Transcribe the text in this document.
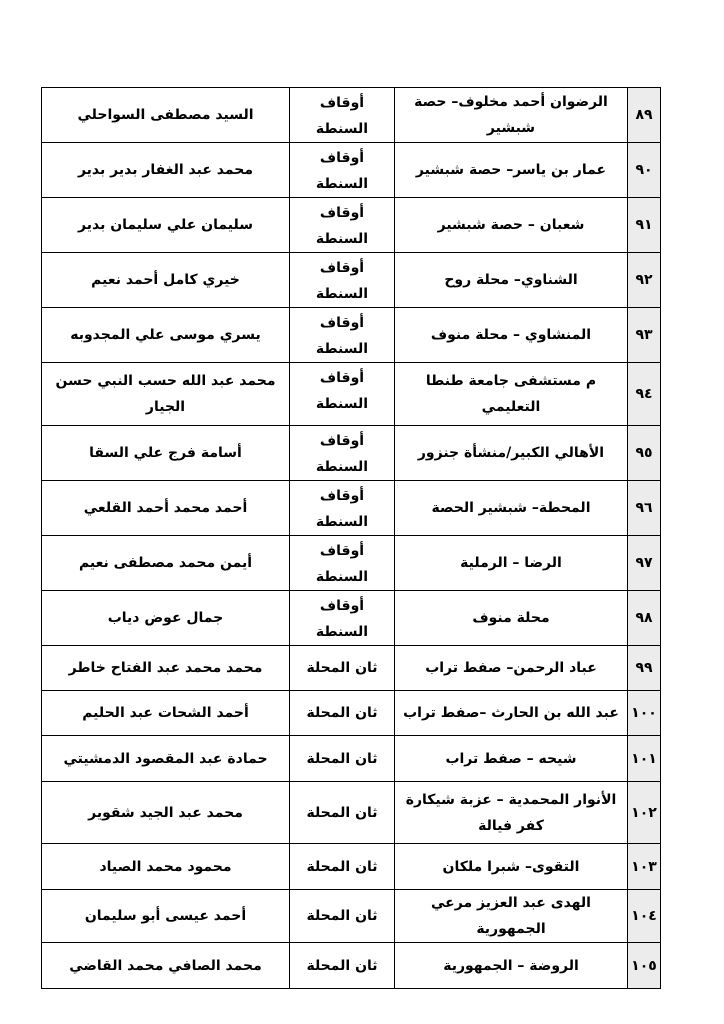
٨٩	الرضوان أحمد مخلوف– حصة شبشير	أوقاف السنطة	السيد مصطفى السواحلي
٩٠	عمار بن ياسر– حصة شبشير	أوقاف السنطة	محمد عبد الغفار بدير بدير
٩١	شعبان – حصة شبشير	أوقاف السنطة	سليمان علي سليمان بدير
٩٢	الشناوي– محلة روح	أوقاف السنطة	خيري كامل أحمد نعيم
٩٣	المنشاوي – محلة منوف	أوقاف السنطة	يسري موسى علي المجدوبه
٩٤	م مستشفى جامعة طنطا التعليمي	أوقاف السنطة	محمد عبد الله حسب النبي حسن الجيار
٩٥	الأهالي الكبير/منشأة جنزور	أوقاف السنطة	أسامة فرج علي السقا
٩٦	المحطة– شبشير الحصة	أوقاف السنطة	أحمد محمد أحمد القلعي
٩٧	الرضا – الرملية	أوقاف السنطة	أيمن محمد مصطفى نعيم
٩٨	محلة منوف	أوقاف السنطة	جمال عوض دياب
٩٩	عباد الرحمن– صفط تراب	ثان المحلة	محمد محمد عبد الفتاح خاطر
١٠٠	عبد الله بن الحارث –صفط تراب	ثان المحلة	أحمد الشحات عبد الحليم
١٠١	شيحه – صفط تراب	ثان المحلة	حمادة عبد المقصود الدمشيتي
١٠٢	الأنوار المحمدية – عزبة شيكارة كفر فيالة	ثان المحلة	محمد عبد الجيد شقوير
١٠٣	التقوى– شبرا ملكان	ثان المحلة	محمود محمد الصياد
١٠٤	الهدى عبد العزيز مرعي الجمهورية	ثان المحلة	أحمد عيسى أبو سليمان
١٠٥	الروضة – الجمهورية	ثان المحلة	محمد الصافي محمد القاضي
